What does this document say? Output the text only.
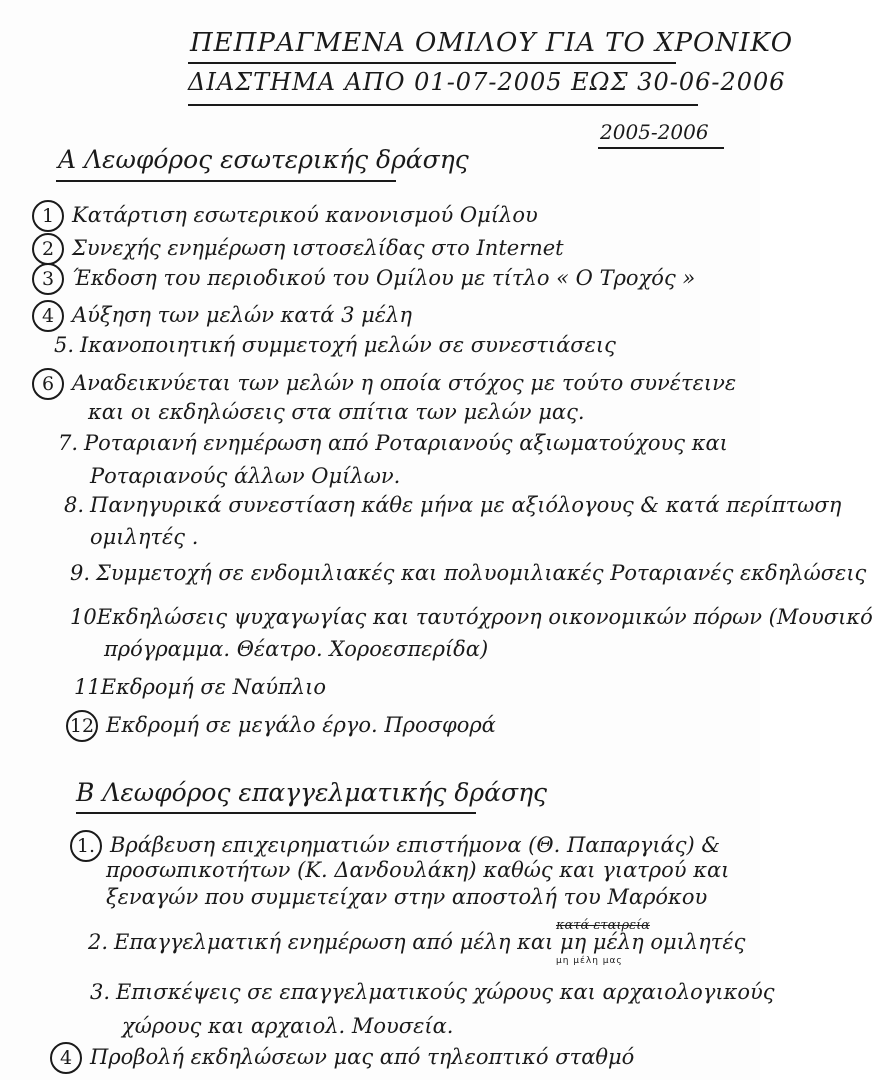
ΠΕΠΡΑΓΜΕΝΑ ΟΜΙΛΟΥ ΓΙΑ ΤΟ ΧΡΟΝΙΚΟ
ΔΙΑΣΤΗΜΑ ΑΠΟ 01-07-2005 ΕΩΣ 30-06-2006
2005-2006
Α Λεωφόρος εσωτερικής δράσης
1 Κατάρτιση εσωτερικού κανονισμού Ομίλου
2 Συνεχής ενημέρωση ιστοσελίδας στο Internet
3 Έκδοση του περιοδικού του Ομίλου με τίτλο « Ο Τροχός »
4 Αύξηση των μελών κατά 3 μέλη
5. Ικανοποιητική συμμετοχή μελών σε συνεστιάσεις
6 Αναδεικνύεται των μελών η οποία στόχος με τούτο συνέτεινε
και οι εκδηλώσεις στα σπίτια των μελών μας.
7. Ροταριανή ενημέρωση από Ροταριανούς αξιωματούχους και
Ροταριανούς άλλων Ομίλων.
8. Πανηγυρικά συνεστίαση κάθε μήνα με αξιόλογους & κατά περίπτωση
ομιλητές .
9. Συμμετοχή σε ενδομιλιακές και πολυομιλιακές Ροταριανές εκδηλώσεις
10Εκδηλώσεις ψυχαγωγίας και ταυτόχρονη οικονομικών πόρων (Μουσικό
πρόγραμμα. Θέατρο. Χοροεσπερίδα)
11Εκδρομή σε Ναύπλιο
12 Εκδρομή σε μεγάλο έργο. Προσφορά
Β Λεωφόρος επαγγελματικής δράσης
1. Βράβευση επιχειρηματιών επιστήμονα (Θ. Παπαργιάς) &
προσωπικοτήτων (Κ. Δανδουλάκη) καθώς και γιατρού και
ξεναγών που συμμετείχαν στην αποστολή του Μαρόκου
2. Επαγγελματική ενημέρωση από μέλη και μη μέλη ομιλητές
μη μέλη μας
κατά εταιρεία
3. Επισκέψεις σε επαγγελματικούς χώρους και αρχαιολογικούς
χώρους και αρχαιολ. Μουσεία.
4 Προβολή εκδηλώσεων μας από τηλεοπτικό σταθμό
